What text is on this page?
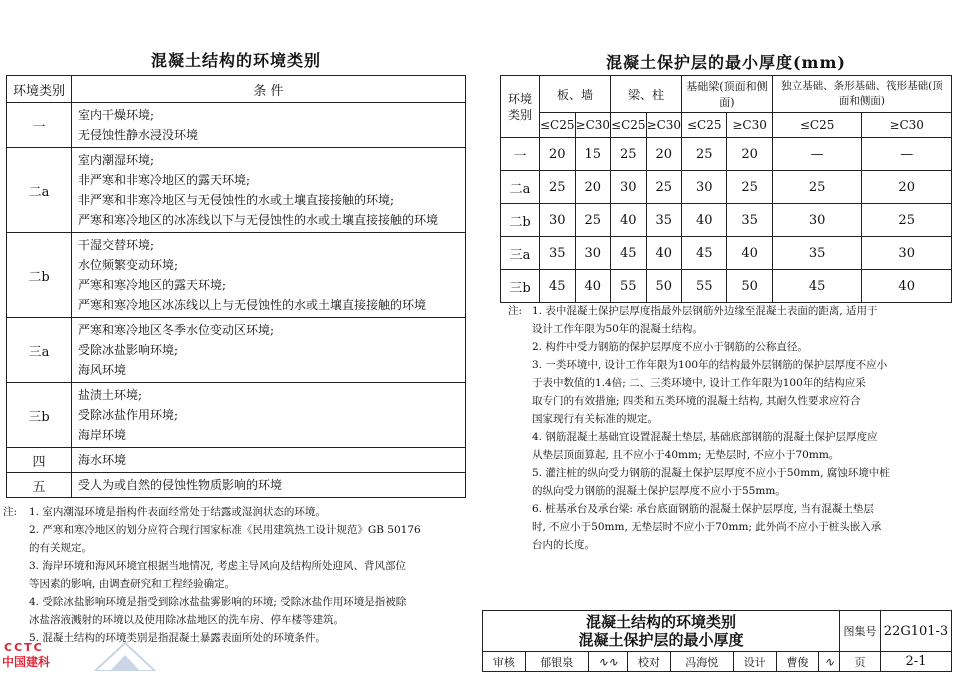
混凝土结构的环境类别
环境类别	条 件
一	室内干燥环境;
无侵蚀性静水浸没环境

二a	室内潮湿环境;
非严寒和非寒冷地区的露天环境;
非严寒和非寒冷地区与无侵蚀性的水或土壤直接接触的环境;
严寒和寒冷地区的冰冻线以下与无侵蚀性的水或土壤直接接触的环境

二b	干湿交替环境;
水位频繁变动环境;
严寒和寒冷地区的露天环境;
严寒和寒冷地区冰冻线以上与无侵蚀性的水或土壤直接接触的环境

三a	严寒和寒冷地区冬季水位变动区环境;
受除冰盐影响环境;
海风环境

三b	盐渍土环境;
受除冰盐作用环境;
海岸环境

四	海水环境

五	受人为或自然的侵蚀性物质影响的环境
注: 1. 室内潮湿环境是指构件表面经常处于结露或湿润状态的环境。
2. 严寒和寒冷地区的划分应符合现行国家标准《民用建筑热工设计规范》GB 50176
的有关规定。
3. 海岸环境和海风环境宜根据当地情况, 考虑主导风向及结构所处迎风、背风部位
等因素的影响, 由调查研究和工程经验确定。
4. 受除冰盐影响环境是指受到除冰盐盐雾影响的环境; 受除冰盐作用环境是指被除
冰盐溶液溅射的环境以及使用除冰盐地区的洗车房、停车楼等建筑。
5. 混凝土结构的环境类别是指混凝土暴露表面所处的环境条件。
混凝土保护层的最小厚度(mm)
环境类别	板、墙		梁、柱		基础梁(顶面和侧面)		独立基础、条形基础、筏形基础(顶面和侧面)	
	≤C25	≥C30	≤C25	≥C30	≤C25	≥C30	≤C25	≥C30
一	20	15	25	20	25	20	—	—
二a	25	20	30	25	30	25	25	20
二b	30	25	40	35	40	35	30	25
三a	35	30	45	40	45	40	35	30
三b	45	40	55	50	55	50	45	40
注: 1. 表中混凝土保护层厚度指最外层钢筋外边缘至混凝土表面的距离, 适用于
设计工作年限为50年的混凝土结构。
2. 构件中受力钢筋的保护层厚度不应小于钢筋的公称直径。
3. 一类环境中, 设计工作年限为100年的结构最外层钢筋的保护层厚度不应小
于表中数值的1.4倍; 二、三类环境中, 设计工作年限为100年的结构应采
取专门的有效措施; 四类和五类环境的混凝土结构, 其耐久性要求应符合
国家现行有关标准的规定。
4. 钢筋混凝土基础宜设置混凝土垫层, 基础底部钢筋的混凝土保护层厚度应
从垫层顶面算起, 且不应小于40mm; 无垫层时, 不应小于70mm。
5. 灌注桩的纵向受力钢筋的混凝土保护层厚度不应小于50mm, 腐蚀环境中桩
的纵向受力钢筋的混凝土保护层厚度不应小于55mm。
6. 桩基承台及承台梁: 承台底面钢筋的混凝土保护层厚度, 当有混凝土垫层
时, 不应小于50mm, 无垫层时不应小于70mm; 此外尚不应小于桩头嵌入承
台内的长度。
混凝土结构的环境类别
混凝土保护层的最小厚度								图集号	22G101-3
审核	郁银泉	∿∿	校对	冯海悦	设计	曹俊	∿	页	2-1
CCTC
中国建科
